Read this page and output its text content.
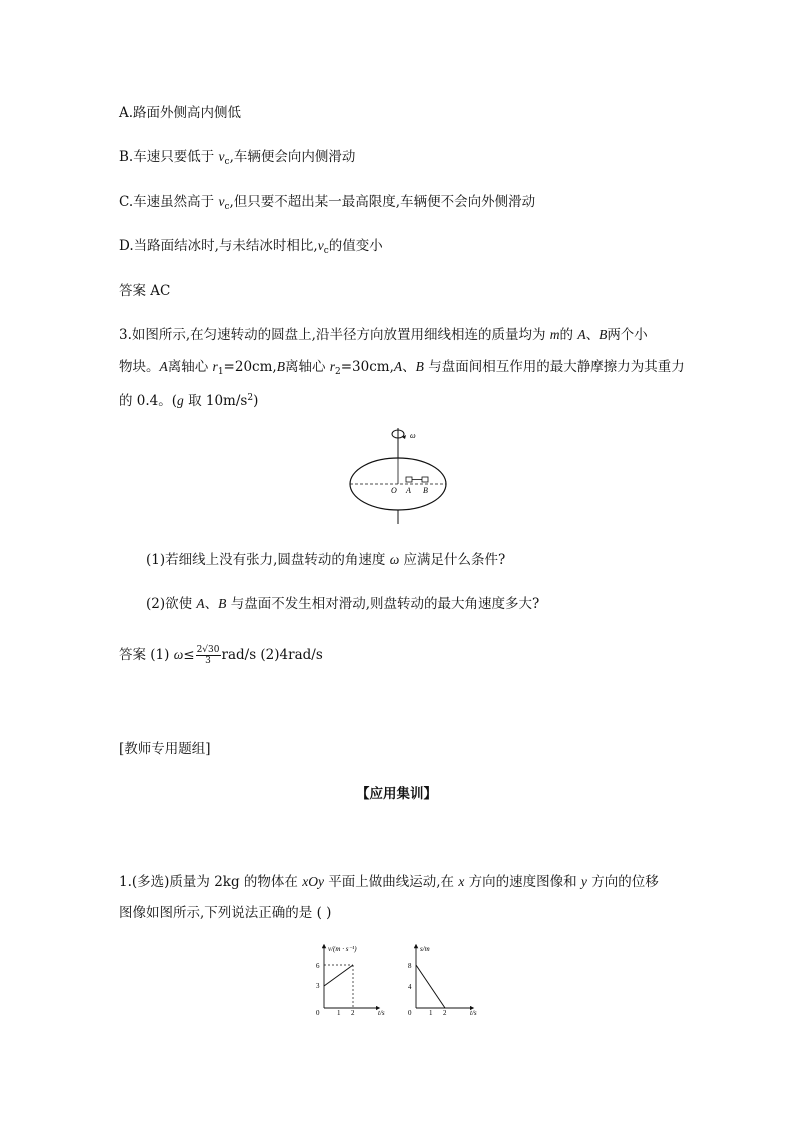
A.路面外侧高内侧低
B.车速只要低于 $v_c$,车辆便会向内侧滑动
C.车速虽然高于 $v_c$,但只要不超出某一最高限度,车辆便不会向外侧滑动
D.当路面结冰时,与未结冰时相比$,v_c$的值变小
答案 AC
3.如图所示,在匀速转动的圆盘上,沿半径方向放置用细线相连的质量均为 m的 A、B两个小
物块。A离轴心 $r_1=20cm,B$离轴心 $r_2=30cm,A$、B 与盘面间相互作用的最大静摩擦力为其重力
的 0.4。(g 取 $10m/s^2$)
ω
O A B
(1)若细线上没有张力,圆盘转动的角速度 ω 应满足什么条件?
(2)欲使 A、B 与盘面不发生相对滑动,则盘转动的最大角速度多大?
答案 (1) $\omega\le \frac{2√30}{3} rad/s$ (2)4rad/s
[教师专用题组]
【应用集训】
1.(多选)质量为 2kg 的物体在 xOy 平面上做曲线运动,在 x 方向的速度图像和 y 方向的位移
图像如图所示,下列说法正确的是 ( )
v/(m · s⁻¹)
t/s
6
3
0	1 2
s/m
t/s
8
4
0	1 2
